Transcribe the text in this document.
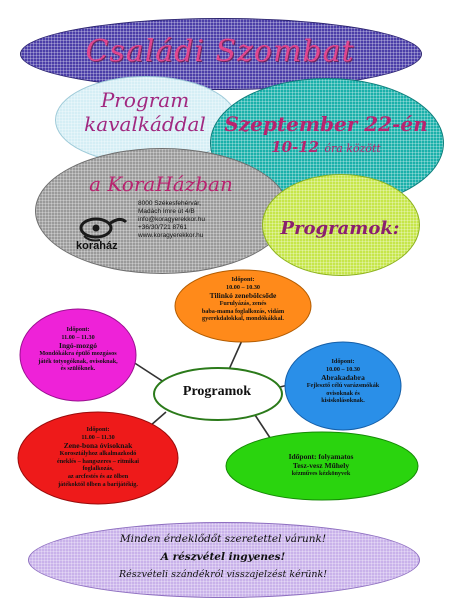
Családi Szombat
Program
kavalkáddal Szeptember 22-én
10-12 óra között
a KoraHázban
koraház
8000 Székesfehérvár,
Madách Imre út 4/B
info@koragyerekkor.hu
+36/30/721 8761
www.koragyerekkor.hu	Programok:
Programok
Időpont:
10.00 – 10.30
Tilinkó zenebölcsőde
Furulyázás, zenés
baba-mama foglalkozás, vidám
gyerekdalokkal, mondókákkal.
Időpont:
11.00 – 11.30
Ingó-mozgó
Mondókákra épülő mozgásos
játék totyogóknak, ovisoknak,
és szülőknek.
Időpont:
10.00 – 10.30
Abrakadabra
Fejlesztő célú varázsmókák
ovisoknak és
kisiskolásoknak.
Időpont:
11.00 – 11.30
Zene-bona óvisoknak
Korosztályhoz alkalmazkodó
éneklés – hangszeres – ritmikai
foglalkozás,
az arcfestés és az ölben
játékoktól ölben a barijátékig.
Időpont: folyamatos
Tesz-vesz Műhely
kézműves kézkönyvek
Minden érdeklődőt szeretettel várunk!
A részvétel ingyenes!
Részvételi szándékról visszajelzést kérünk!
